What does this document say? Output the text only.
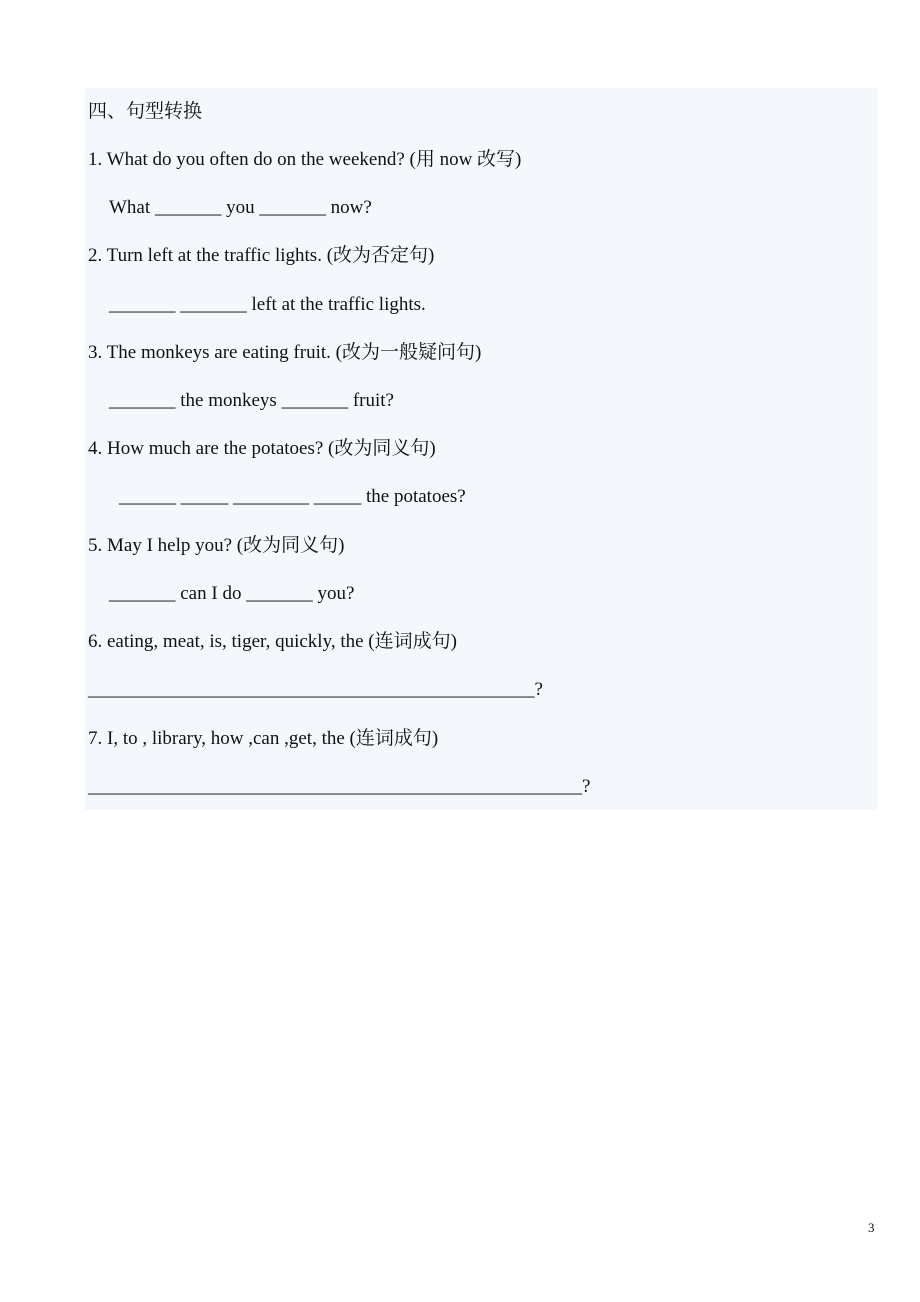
四、句型转换
1. What do you often do on the weekend? (用 now 改写)
What _______ you _______ now?
2. Turn left at the traffic lights. (改为否定句)
_______ _______ left at the traffic lights.
3. The monkeys are eating fruit. (改为一般疑问句)
_______ the monkeys _______ fruit?
4. How much are the potatoes? (改为同义句)
______ _____ ________ _____ the potatoes?
5. May I help you? (改为同义句)
_______ can I do _______ you?
6. eating, meat, is, tiger, quickly, the (连词成句)
_______________________________________________?
7. I, to , library, how ,can ,get, the (连词成句)
____________________________________________________?
3
